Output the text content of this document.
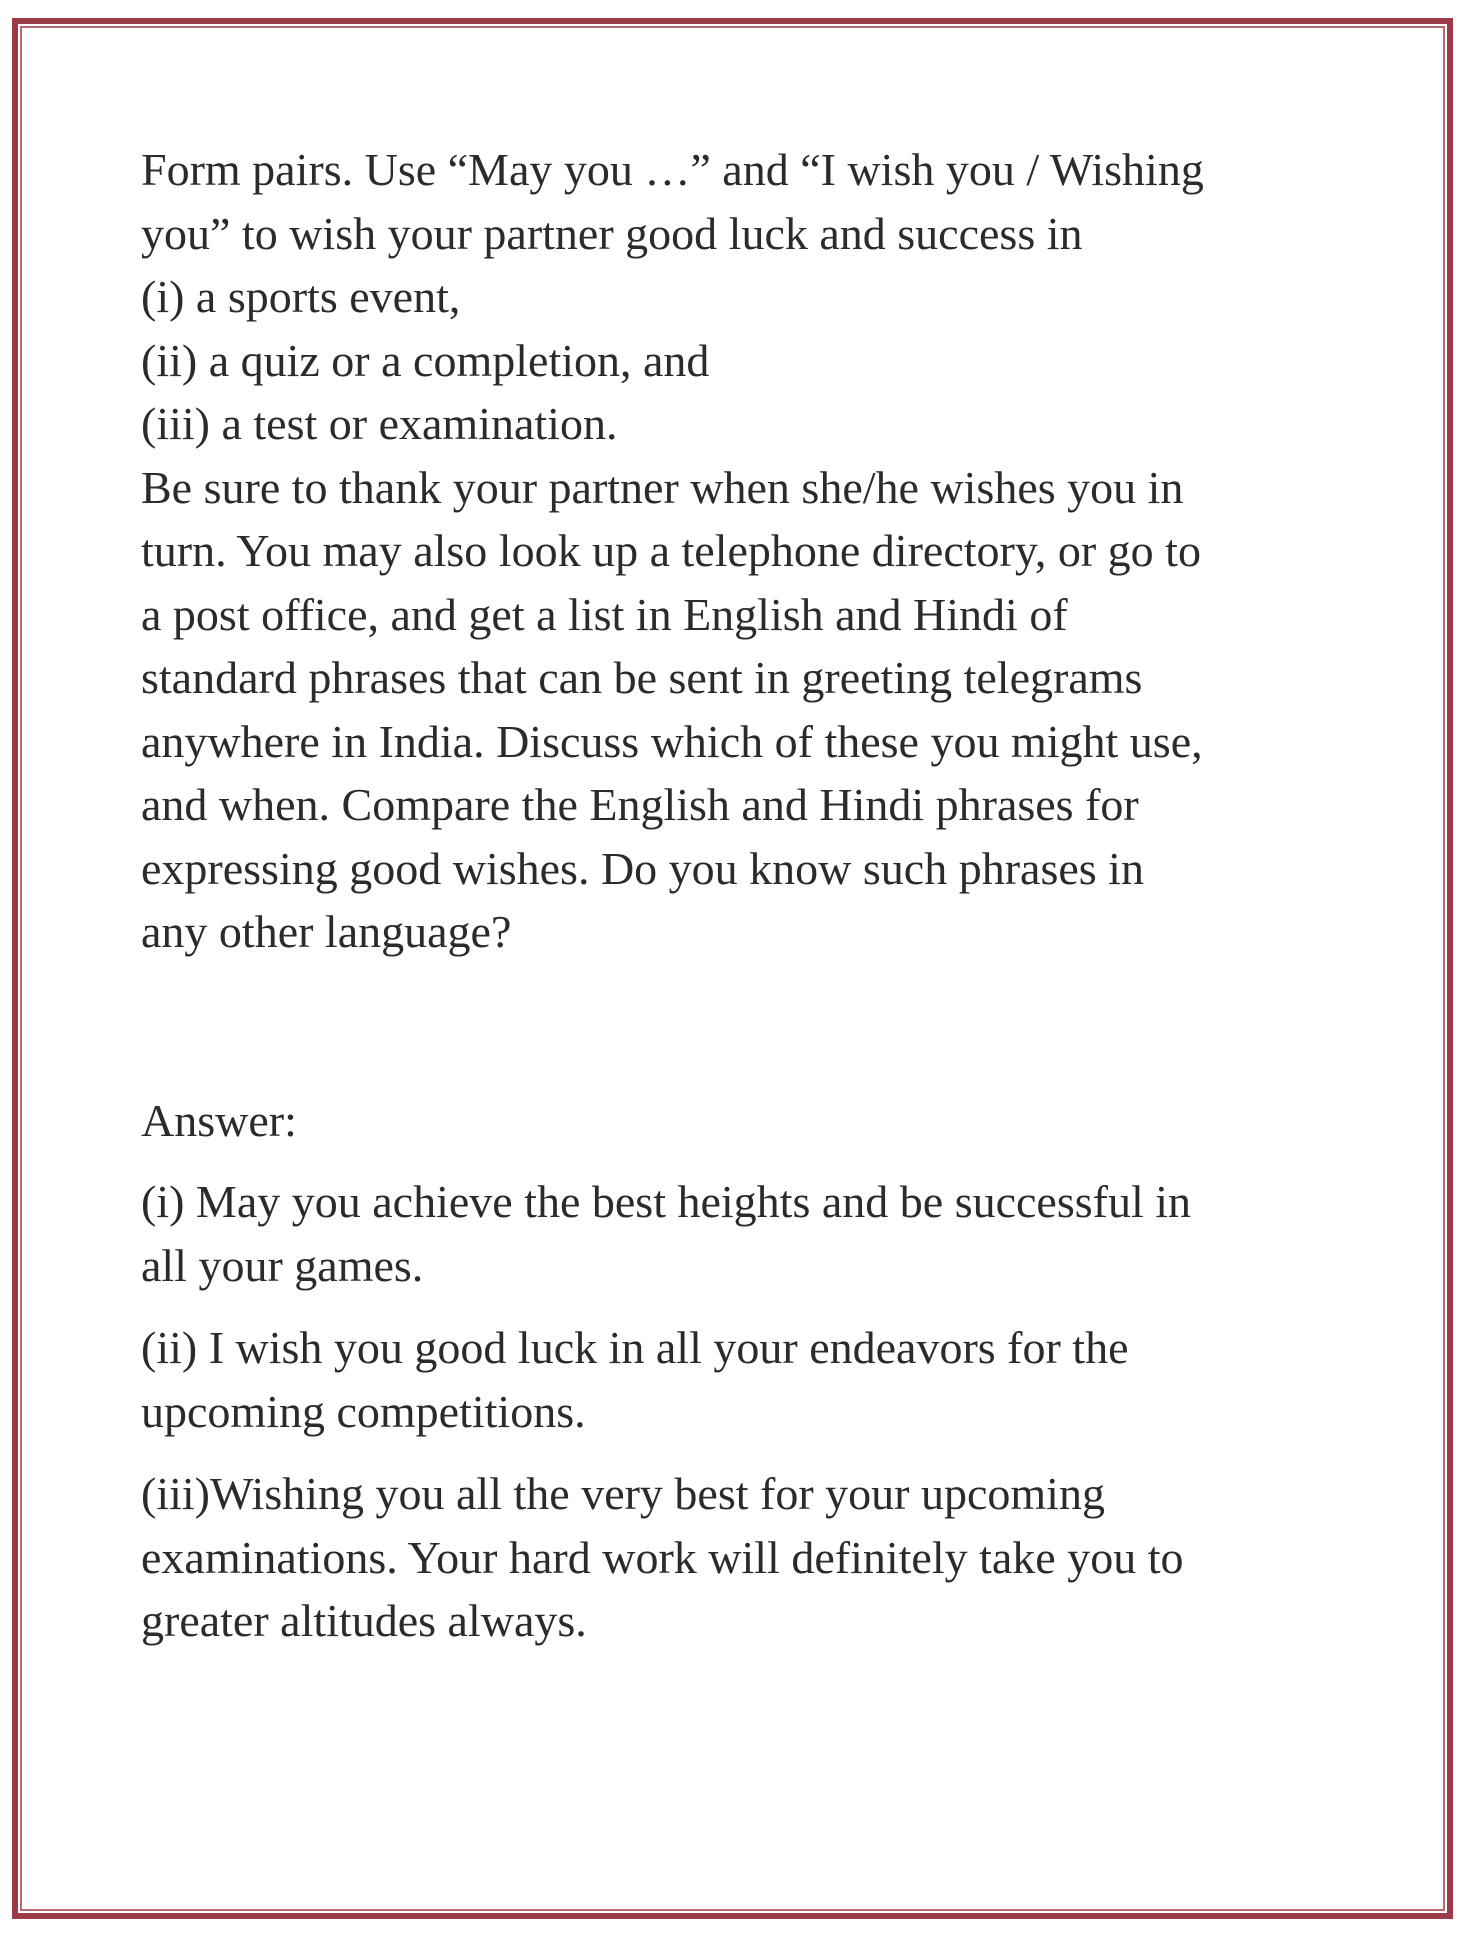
Form pairs. Use “May you …” and “I wish you / Wishing
you” to wish your partner good luck and success in
(i) a sports event,
(ii) a quiz or a completion, and
(iii) a test or examination.
Be sure to thank your partner when she/he wishes you in
turn. You may also look up a telephone directory, or go to
a post office, and get a list in English and Hindi of
standard phrases that can be sent in greeting telegrams
anywhere in India. Discuss which of these you might use,
and when. Compare the English and Hindi phrases for
expressing good wishes. Do you know such phrases in
any other language?
Answer:
(i) May you achieve the best heights and be successful in
all your games.
(ii) I wish you good luck in all your endeavors for the
upcoming competitions.
(iii)Wishing you all the very best for your upcoming
examinations. Your hard work will definitely take you to
greater altitudes always.
